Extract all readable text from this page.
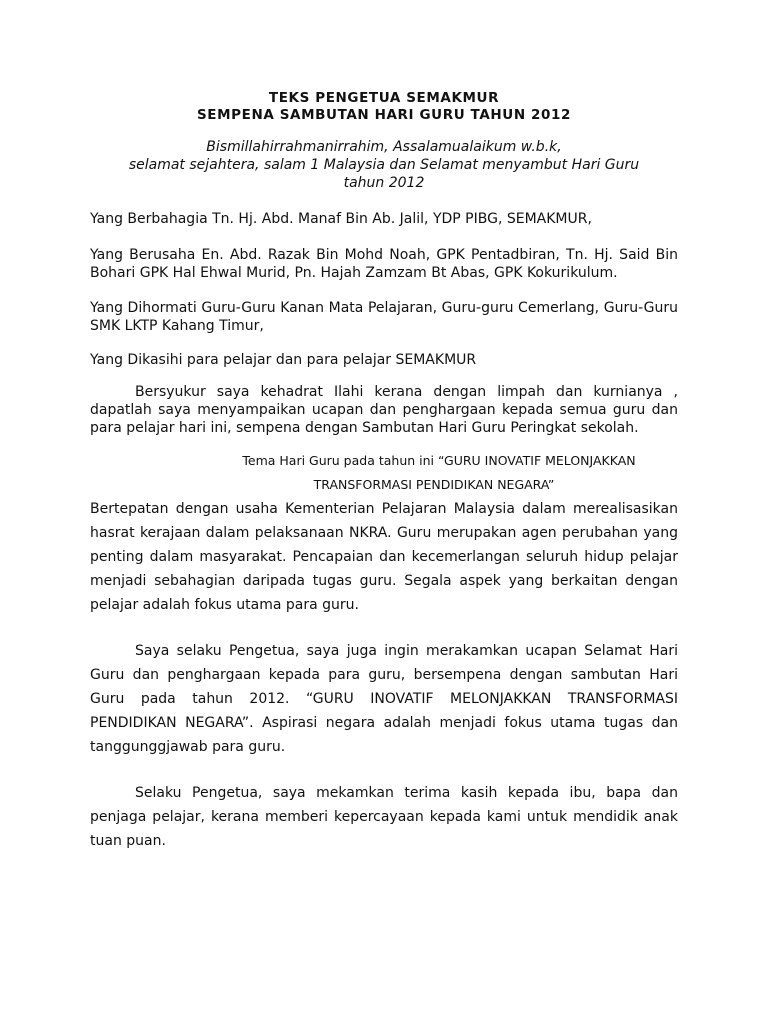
TEKS PENGETUA SEMAKMUR
SEMPENA SAMBUTAN HARI GURU TAHUN 2012

Bismillahirrahmanirrahim, Assalamualaikum w.b.k,
selamat sejahtera, salam 1 Malaysia dan Selamat menyambut Hari Guru
tahun 2012

Yang Berbahagia Tn. Hj. Abd. Manaf Bin Ab. Jalil, YDP PIBG, SEMAKMUR,

Yang Berusaha En. Abd. Razak Bin Mohd Noah, GPK Pentadbiran, Tn. Hj. Said Bin Bohari GPK Hal Ehwal Murid, Pn. Hajah Zamzam Bt Abas, GPK Kokurikulum.

Yang Dihormati Guru-Guru Kanan Mata Pelajaran, Guru-guru Cemerlang, Guru-Guru SMK LKTP Kahang Timur,

Yang Dikasihi para pelajar dan para pelajar SEMAKMUR

Bersyukur saya kehadrat Ilahi kerana dengan limpah dan kurnianya , dapatlah saya menyampaikan ucapan dan penghargaan kepada semua guru dan para pelajar hari ini, sempena dengan Sambutan Hari Guru Peringkat sekolah.

Tema Hari Guru pada tahun ini “GURU INOVATIF MELONJAKKAN
TRANSFORMASI PENDIDIKAN NEGARA”

Bertepatan dengan usaha Kementerian Pelajaran Malaysia dalam merealisasikan hasrat kerajaan dalam pelaksanaan NKRA. Guru merupakan agen perubahan yang penting dalam masyarakat. Pencapaian dan kecemerlangan seluruh hidup pelajar menjadi sebahagian daripada tugas guru. Segala aspek yang berkaitan dengan pelajar adalah fokus utama para guru.

Saya selaku Pengetua, saya juga ingin merakamkan ucapan Selamat Hari Guru dan penghargaan kepada para guru, bersempena dengan sambutan Hari Guru pada tahun 2012. “GURU INOVATIF MELONJAKKAN TRANSFORMASI PENDIDIKAN NEGARA”. Aspirasi negara adalah menjadi fokus utama tugas dan tanggunggjawab para guru.

Selaku Pengetua, saya mekamkan terima kasih kepada ibu, bapa dan penjaga pelajar, kerana memberi kepercayaan kepada kami untuk mendidik anak tuan puan.
